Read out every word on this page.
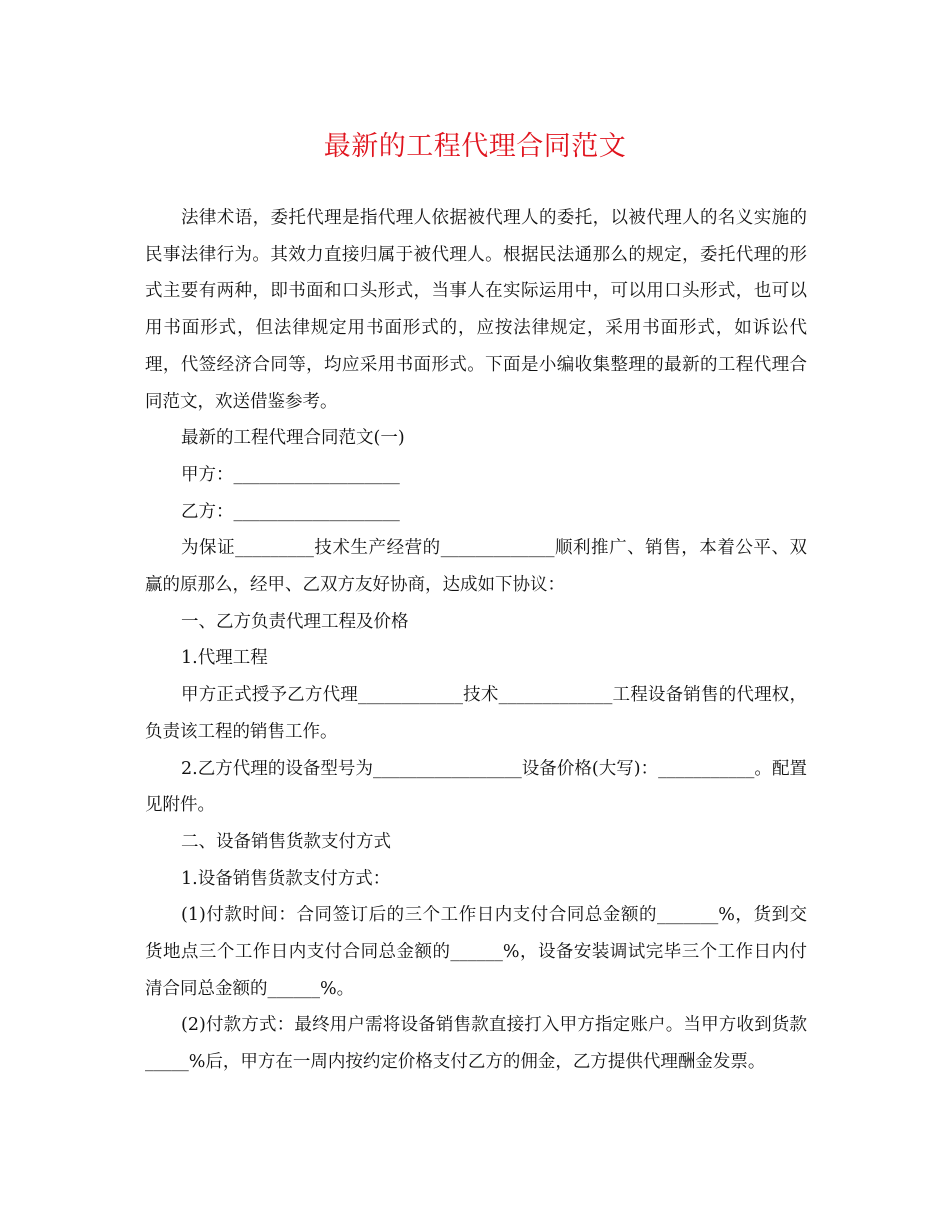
最新的工程代理合同范文

法律术语，委托代理是指代理人依据被代理人的委托，以被代理人的名义实施的民事法律行为。其效力直接归属于被代理人。根据民法通那么的规定，委托代理的形式主要有两种，即书面和口头形式，当事人在实际运用中，可以用口头形式，也可以用书面形式，但法律规定用书面形式的，应按法律规定，采用书面形式，如诉讼代理，代签经济合同等，均应采用书面形式。下面是小编收集整理的最新的工程代理合同范文，欢送借鉴参考。

最新的工程代理合同范文(一)

甲方：___________________

乙方：___________________

为保证_________技术生产经营的_____________顺利推广、销售，本着公平、双赢的原那么，经甲、乙双方友好协商，达成如下协议：

一、乙方负责代理工程及价格

1.代理工程

甲方正式授予乙方代理____________技术_____________工程设备销售的代理权，负责该工程的销售工作。

2.乙方代理的设备型号为_________________设备价格(大写)：___________。配置见附件。

二、设备销售货款支付方式

1.设备销售货款支付方式：

(1)付款时间：合同签订后的三个工作日内支付合同总金额的_______%，货到交货地点三个工作日内支付合同总金额的______%，设备安装调试完毕三个工作日内付清合同总金额的______%。

(2)付款方式：最终用户需将设备销售款直接打入甲方指定账户。当甲方收到货款_____%后，甲方在一周内按约定价格支付乙方的佣金，乙方提供代理酬金发票。
